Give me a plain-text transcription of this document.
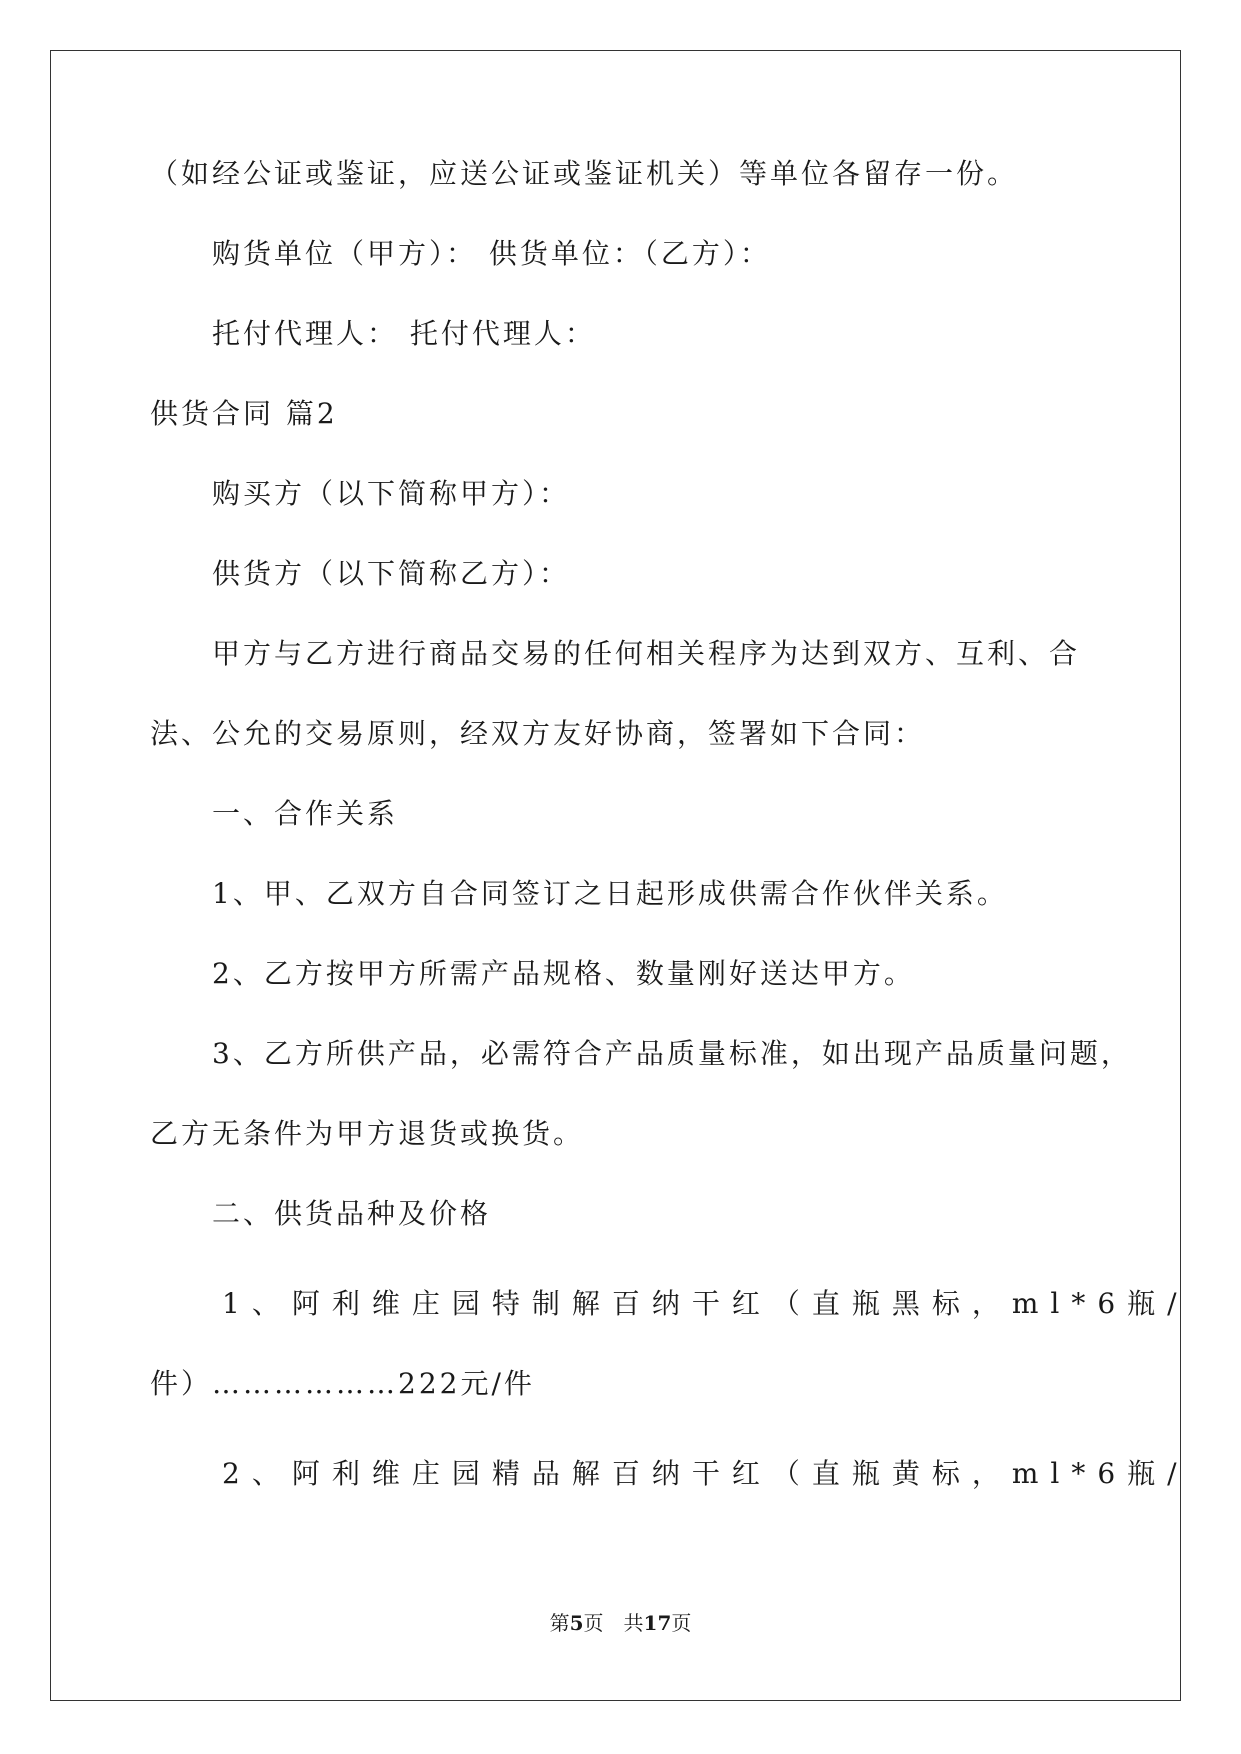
（如经公证或鉴证，应送公证或鉴证机关）等单位各留存一份。
购货单位（甲方）： 供货单位：（乙方）：
托付代理人： 托付代理人：
供货合同 篇2
购买方（以下简称甲方）：
供货方（以下简称乙方）：
甲方与乙方进行商品交易的任何相关程序为达到双方、互利、合
法、公允的交易原则，经双方友好协商，签署如下合同：
一、合作关系
1、甲、乙双方自合同签订之日起形成供需合作伙伴关系。
2、乙方按甲方所需产品规格、数量刚好送达甲方。
3、乙方所供产品，必需符合产品质量标准，如出现产品质量问题，
乙方无条件为甲方退货或换货。
二、供货品种及价格
1、阿利维庄园特制解百纳干红（直瓶黑标，ml*6瓶/
件）………………222元/件
2、阿利维庄园精品解百纳干红（直瓶黄标，ml*6瓶/
第5页　共17页
